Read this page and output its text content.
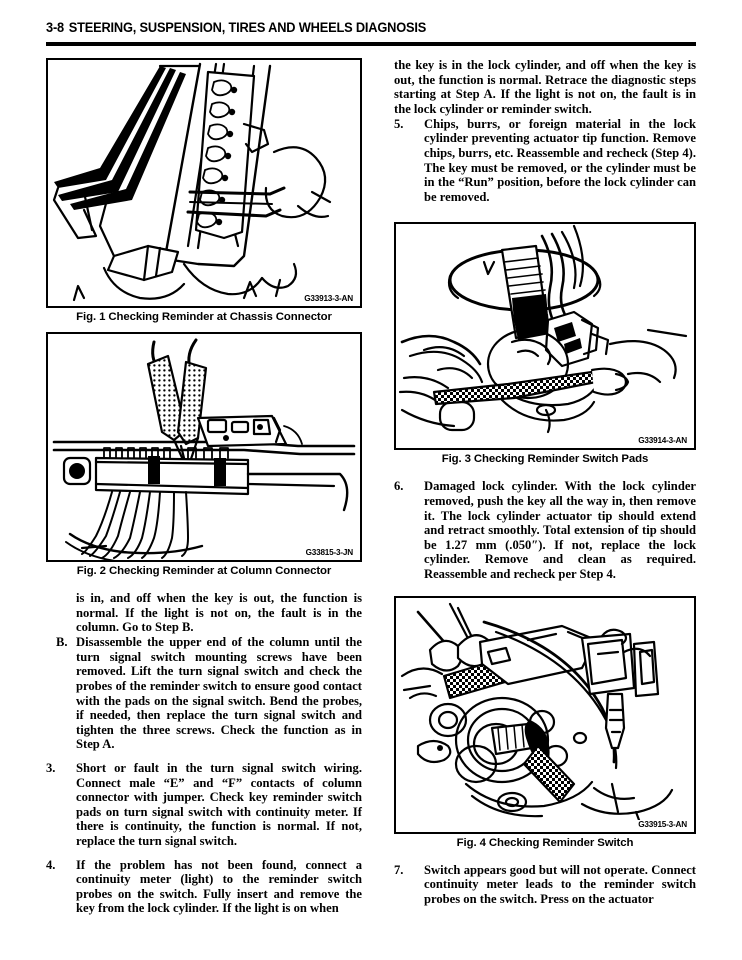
3-8 STEERING, SUSPENSION, TIRES AND WHEELS DIAGNOSIS
G33913-3-AN
Fig. 1 Checking Reminder at Chassis Connector
G33815-3-JN
Fig. 2 Checking Reminder at Column Connector
is in, and off when the key is out, the function is normal. If the light is not on, the fault is in the column. Go to Step B.
B. Disassemble the upper end of the column until the turn signal switch mounting screws have been removed. Lift the turn signal switch and check the probes of the reminder switch to ensure good contact with the pads on the signal switch. Bend the probes, if needed, then replace the turn signal switch and tighten the three screws. Check the function as in Step A.
3.	Short or fault in the turn signal switch wiring. Connect male “E” and “F” contacts of column connector with jumper. Check key reminder switch pads on turn signal switch with continuity meter. If there is continuity, the function is normal. If not, replace the turn signal switch.
4.	If the problem has not been found, connect a continuity meter (light) to the reminder switch probes on the switch. Fully insert and remove the key from the lock cylinder. If the light is on when
the key is in the lock cylinder, and off when the key is out, the function is normal. Retrace the diagnostic steps starting at Step A. If the light is not on, the fault is in the lock cylinder or reminder switch.
5.	Chips, burrs, or foreign material in the lock cylinder preventing actuator tip function. Remove chips, burrs, etc. Reassemble and recheck (Step 4). The key must be removed, or the cylinder must be in the “Run” position, before the lock cylinder can be removed.
G33914-3-AN
Fig. 3 Checking Reminder Switch Pads
6.	Damaged lock cylinder. With the lock cylinder removed, push the key all the way in, then remove it. The lock cylinder actuator tip should extend and retract smoothly. Total extension of tip should be 1.27 mm (.050″). If not, replace the lock cylinder. Remove and clean as required. Reassemble and recheck per Step 4.
G33915-3-AN
Fig. 4 Checking Reminder Switch
7.	Switch appears good but will not operate. Connect continuity meter leads to the reminder switch probes on the switch. Press on the actuator
